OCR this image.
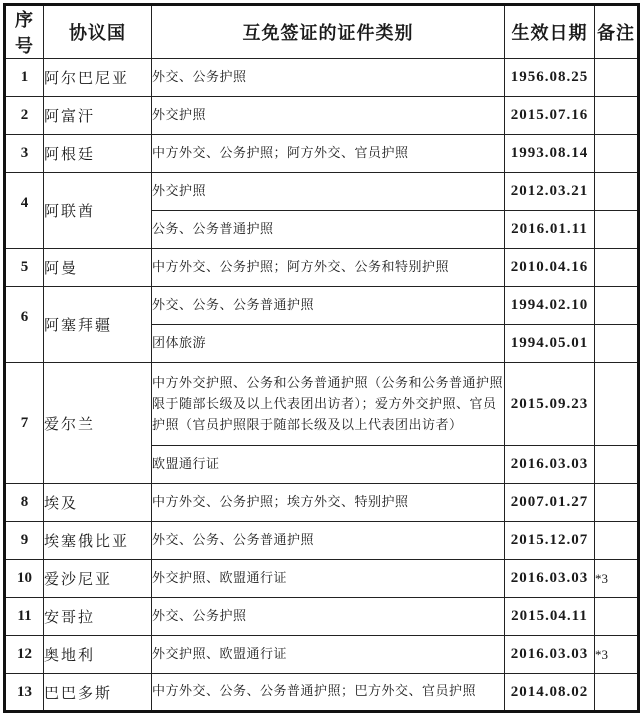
序号	协议国	互免签证的证件类别	生效日期	备注
1	阿尔巴尼亚	外交、公务护照	1956.08.25	
2	阿富汗	外交护照	2015.07.16	
3	阿根廷	中方外交、公务护照；阿方外交、官员护照	1993.08.14	
4	阿联酋	外交护照	2012.03.21	
		公务、公务普通护照	2016.01.11	
5	阿曼	中方外交、公务护照；阿方外交、公务和特别护照	2010.04.16	
6	阿塞拜疆	外交、公务、公务普通护照	1994.02.10	
		团体旅游	1994.05.01	
7	爱尔兰	中方外交护照、公务和公务普通护照（公务和公务普通护照限于随部长级及以上代表团出访者）；爱方外交护照、官员护照（官员护照限于随部长级及以上代表团出访者）	2015.09.23	
		欧盟通行证	2016.03.03	
8	埃及	中方外交、公务护照；埃方外交、特别护照	2007.01.27	
9	埃塞俄比亚	外交、公务、公务普通护照	2015.12.07	
10	爱沙尼亚	外交护照、欧盟通行证	2016.03.03	*3
11	安哥拉	外交、公务护照	2015.04.11	
12	奥地利	外交护照、欧盟通行证	2016.03.03	*3
13	巴巴多斯	中方外交、公务、公务普通护照；巴方外交、官员护照	2014.08.02	
